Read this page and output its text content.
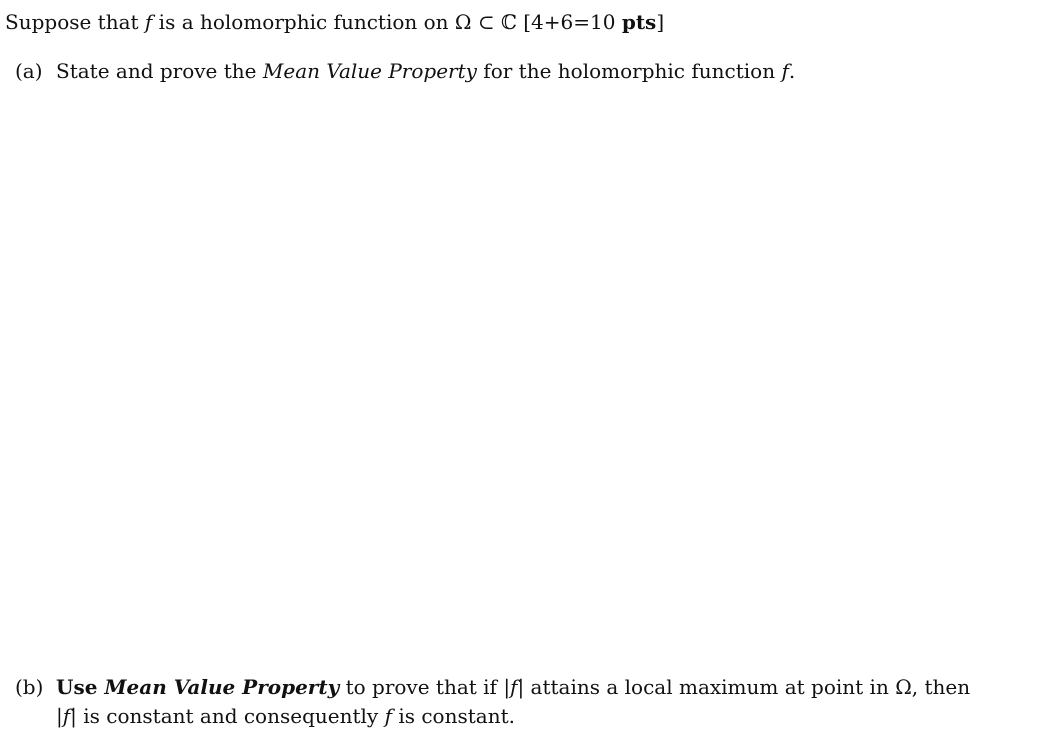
Suppose that f is a holomorphic function on Ω ⊂ ℂ [4+6=10 pts]
(a) State and prove the Mean Value Property for the holomorphic function f.
(b) Use Mean Value Property to prove that if |f| attains a local maximum at point in Ω, then
|f| is constant and consequently f is constant.
